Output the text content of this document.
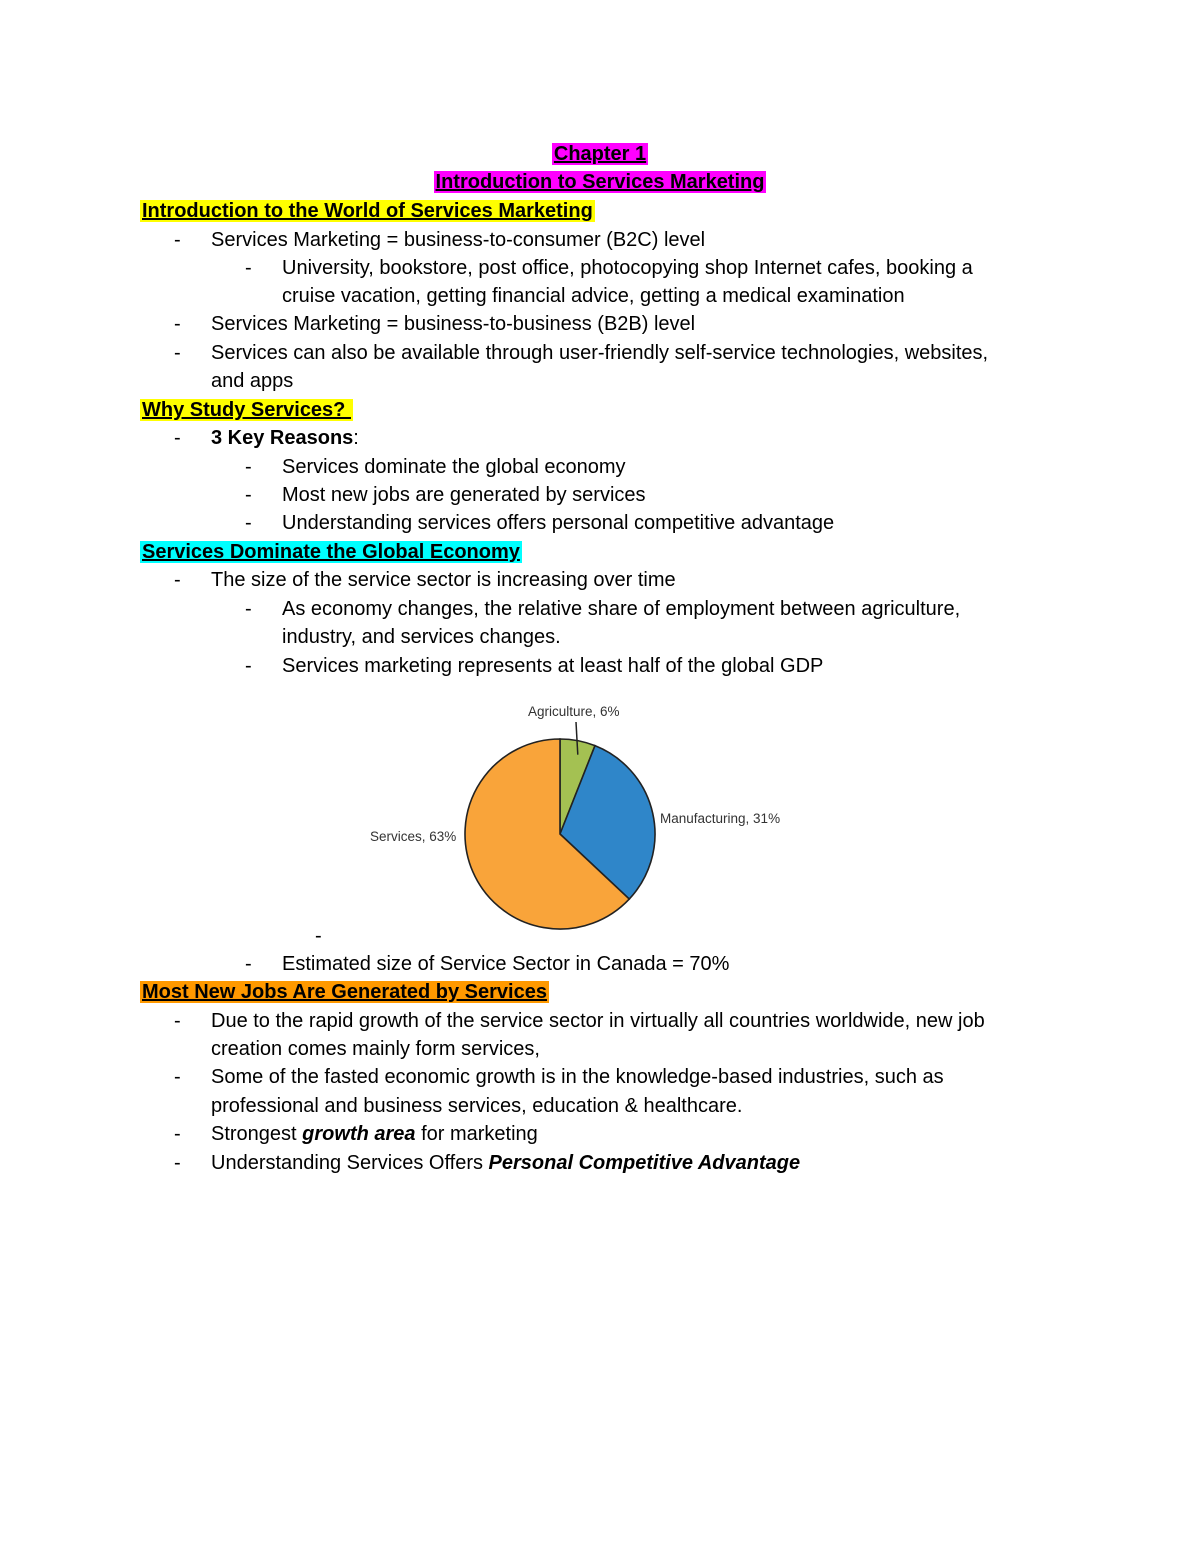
Chapter 1
Introduction to Services Marketing
Introduction to the World of Services Marketing
- Services Marketing = business-to-consumer (B2C) level
- University, bookstore, post office, photocopying shop Internet cafes, booking a
cruise vacation, getting financial advice, getting a medical examination
- Services Marketing = business-to-business (B2B) level
- Services can also be available through user-friendly self-service technologies, websites,
and apps
Why Study Services?
- 3 Key Reasons:
- Services dominate the global economy
- Most new jobs are generated by services
- Understanding services offers personal competitive advantage
Services Dominate the Global Economy
- The size of the service sector is increasing over time
- As economy changes, the relative share of employment between agriculture,
industry, and services changes.
- Services marketing represents at least half of the global GDP
Agriculture, 6%
Manufacturing, 31%
Services, 63%
-
- Estimated size of Service Sector in Canada = 70%
Most New Jobs Are Generated by Services
- Due to the rapid growth of the service sector in virtually all countries worldwide, new job
creation comes mainly form services,
- Some of the fasted economic growth is in the knowledge-based industries, such as
professional and business services, education & healthcare.
- Strongest growth area for marketing
- Understanding Services Offers Personal Competitive Advantage
